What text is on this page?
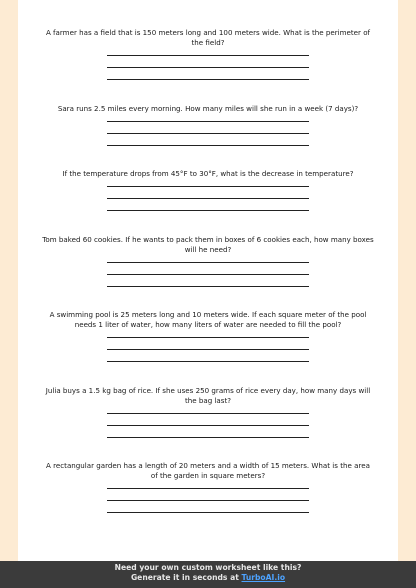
A farmer has a field that is 150 meters long and 100 meters wide. What is the perimeter of the field?
Sara runs 2.5 miles every morning. How many miles will she run in a week (7 days)?
If the temperature drops from 45°F to 30°F, what is the decrease in temperature?
Tom baked 60 cookies. If he wants to pack them in boxes of 6 cookies each, how many boxes will he need?
A swimming pool is 25 meters long and 10 meters wide. If each square meter of the pool needs 1 liter of water, how many liters of water are needed to fill the pool?
Julia buys a 1.5 kg bag of rice. If she uses 250 grams of rice every day, how many days will the bag last?
A rectangular garden has a length of 20 meters and a width of 15 meters. What is the area of the garden in square meters?
Need your own custom worksheet like this?
Generate it in seconds at TurboAI.io
